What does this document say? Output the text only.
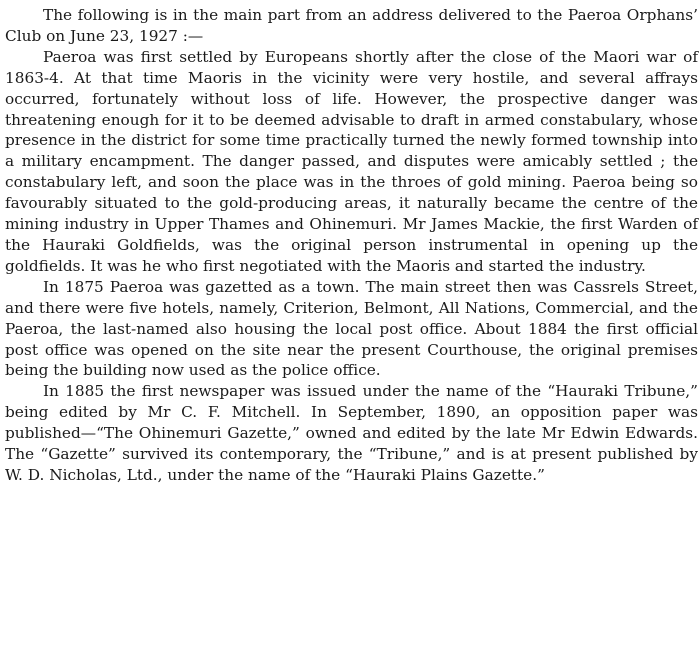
The following is in the main part from an address delivered to the Paeroa Orphans’ Club on June 23, 1927 :—

Paeroa was first settled by Europeans shortly after the close of the Maori war of 1863-4. At that time Maoris in the vicinity were very hostile, and several affrays occurred, fortunately without loss of life. However, the prospective danger was threatening enough for it to be deemed advisable to draft in armed constabulary, whose presence in the district for some time practically turned the newly formed township into a military encampment. The danger passed, and disputes were amicably settled ; the constabulary left, and soon the place was in the throes of gold mining. Paeroa being so favourably situated to the gold-producing areas, it naturally became the centre of the mining industry in Upper Thames and Ohinemuri. Mr James Mackie, the first Warden of the Hauraki Goldfields, was the original person instrumental in opening up the goldfields. It was he who first negotiated with the Maoris and started the industry.

In 1875 Paeroa was gazetted as a town. The main street then was Cassrels Street, and there were five hotels, namely, Criterion, Belmont, All Nations, Commercial, and the Paeroa, the last-named also housing the local post office. About 1884 the first official post office was opened on the site near the present Courthouse, the original premises being the building now used as the police office.

In 1885 the first newspaper was issued under the name of the “Hauraki Tribune,” being edited by Mr C. F. Mitchell. In September, 1890, an opposition paper was published—“The Ohinemuri Gazette,” owned and edited by the late Mr Edwin Edwards. The “Gazette” survived its contemporary, the “Tribune,” and is at present published by W. D. Nicholas, Ltd., under the name of the “Hauraki Plains Gazette.”
